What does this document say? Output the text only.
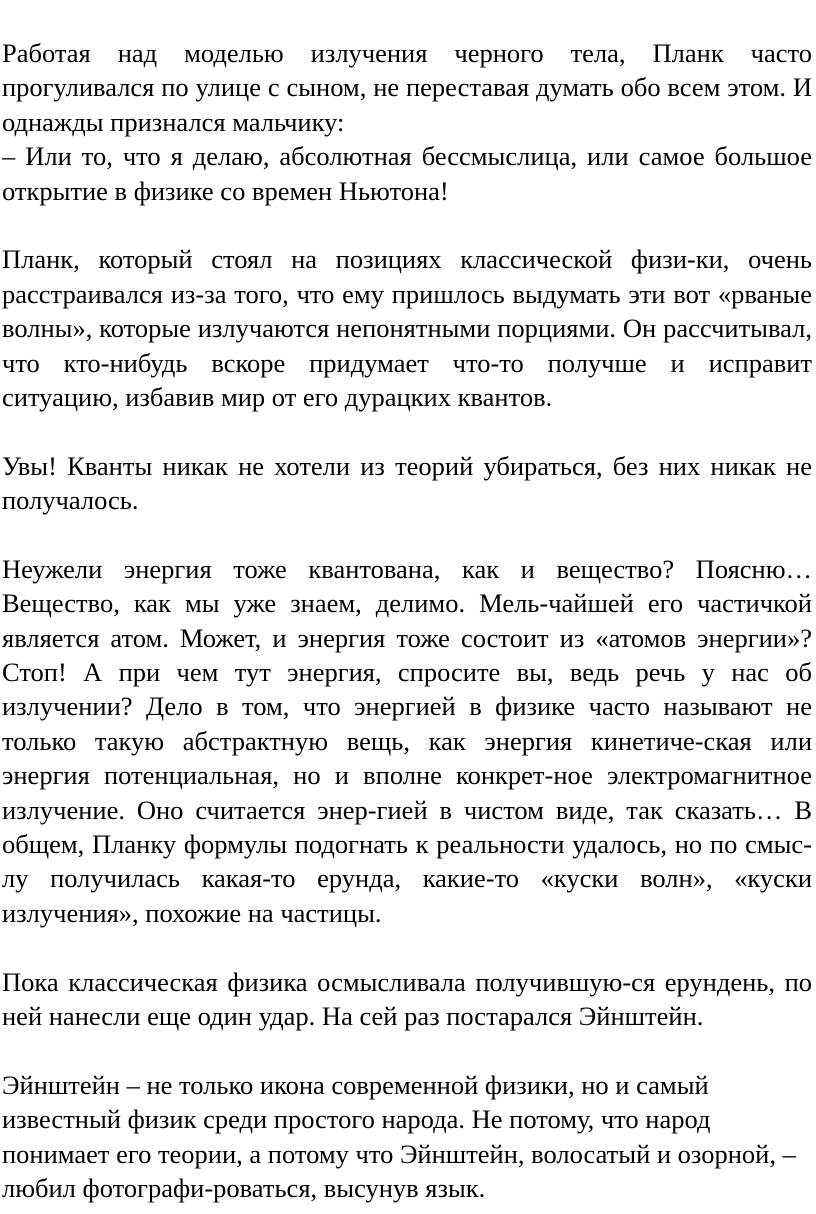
Работая над моделью излучения черного тела, Планк часто
прогуливался по улице с сыном, не переставая думать обо всем этом. И
однажды признался мальчику:
– Или то, что я делаю, абсолютная бессмыслица, или самое большое
открытие в физике со времен Ньютона!
Планк, который стоял на позициях классической физи-ки, очень
расстраивался из-за того, что ему пришлось выдумать эти вот «рваные
волны», которые излучаются непонятными порциями. Он рассчитывал,
что кто-нибудь вскоре придумает что-то получше и исправит
ситуацию, избавив мир от его дурацких квантов.
Увы! Кванты никак не хотели из теорий убираться, без них никак не
получалось.
Неужели энергия тоже квантована, как и вещество? Поясню…
Вещество, как мы уже знаем, делимо. Мель-чайшей его частичкой
является атом. Может, и энергия тоже состоит из «атомов энергии»?
Стоп! А при чем тут энергия, спросите вы, ведь речь у нас об
излучении? Дело в том, что энергией в физике часто называют не
только такую абстрактную вещь, как энергия кинетиче-ская или
энергия потенциальная, но и вполне конкрет-ное электромагнитное
излучение. Оно считается энер-гией в чистом виде, так сказать… В
общем, Планку формулы подогнать к реальности удалось, но по смыс-
лу получилась какая-то ерунда, какие-то «куски волн», «куски
излучения», похожие на частицы.
Пока классическая физика осмысливала получившую-ся ерундень, по
ней нанесли еще один удар. На сей раз постарался Эйнштейн.
Эйнштейн – не только икона современной физики, но и самый
известный физик среди простого народа. Не потому, что народ
понимает его теории, а потому что Эйнштейн, волосатый и озорной, –
любил фотографи-роваться, высунув язык.
